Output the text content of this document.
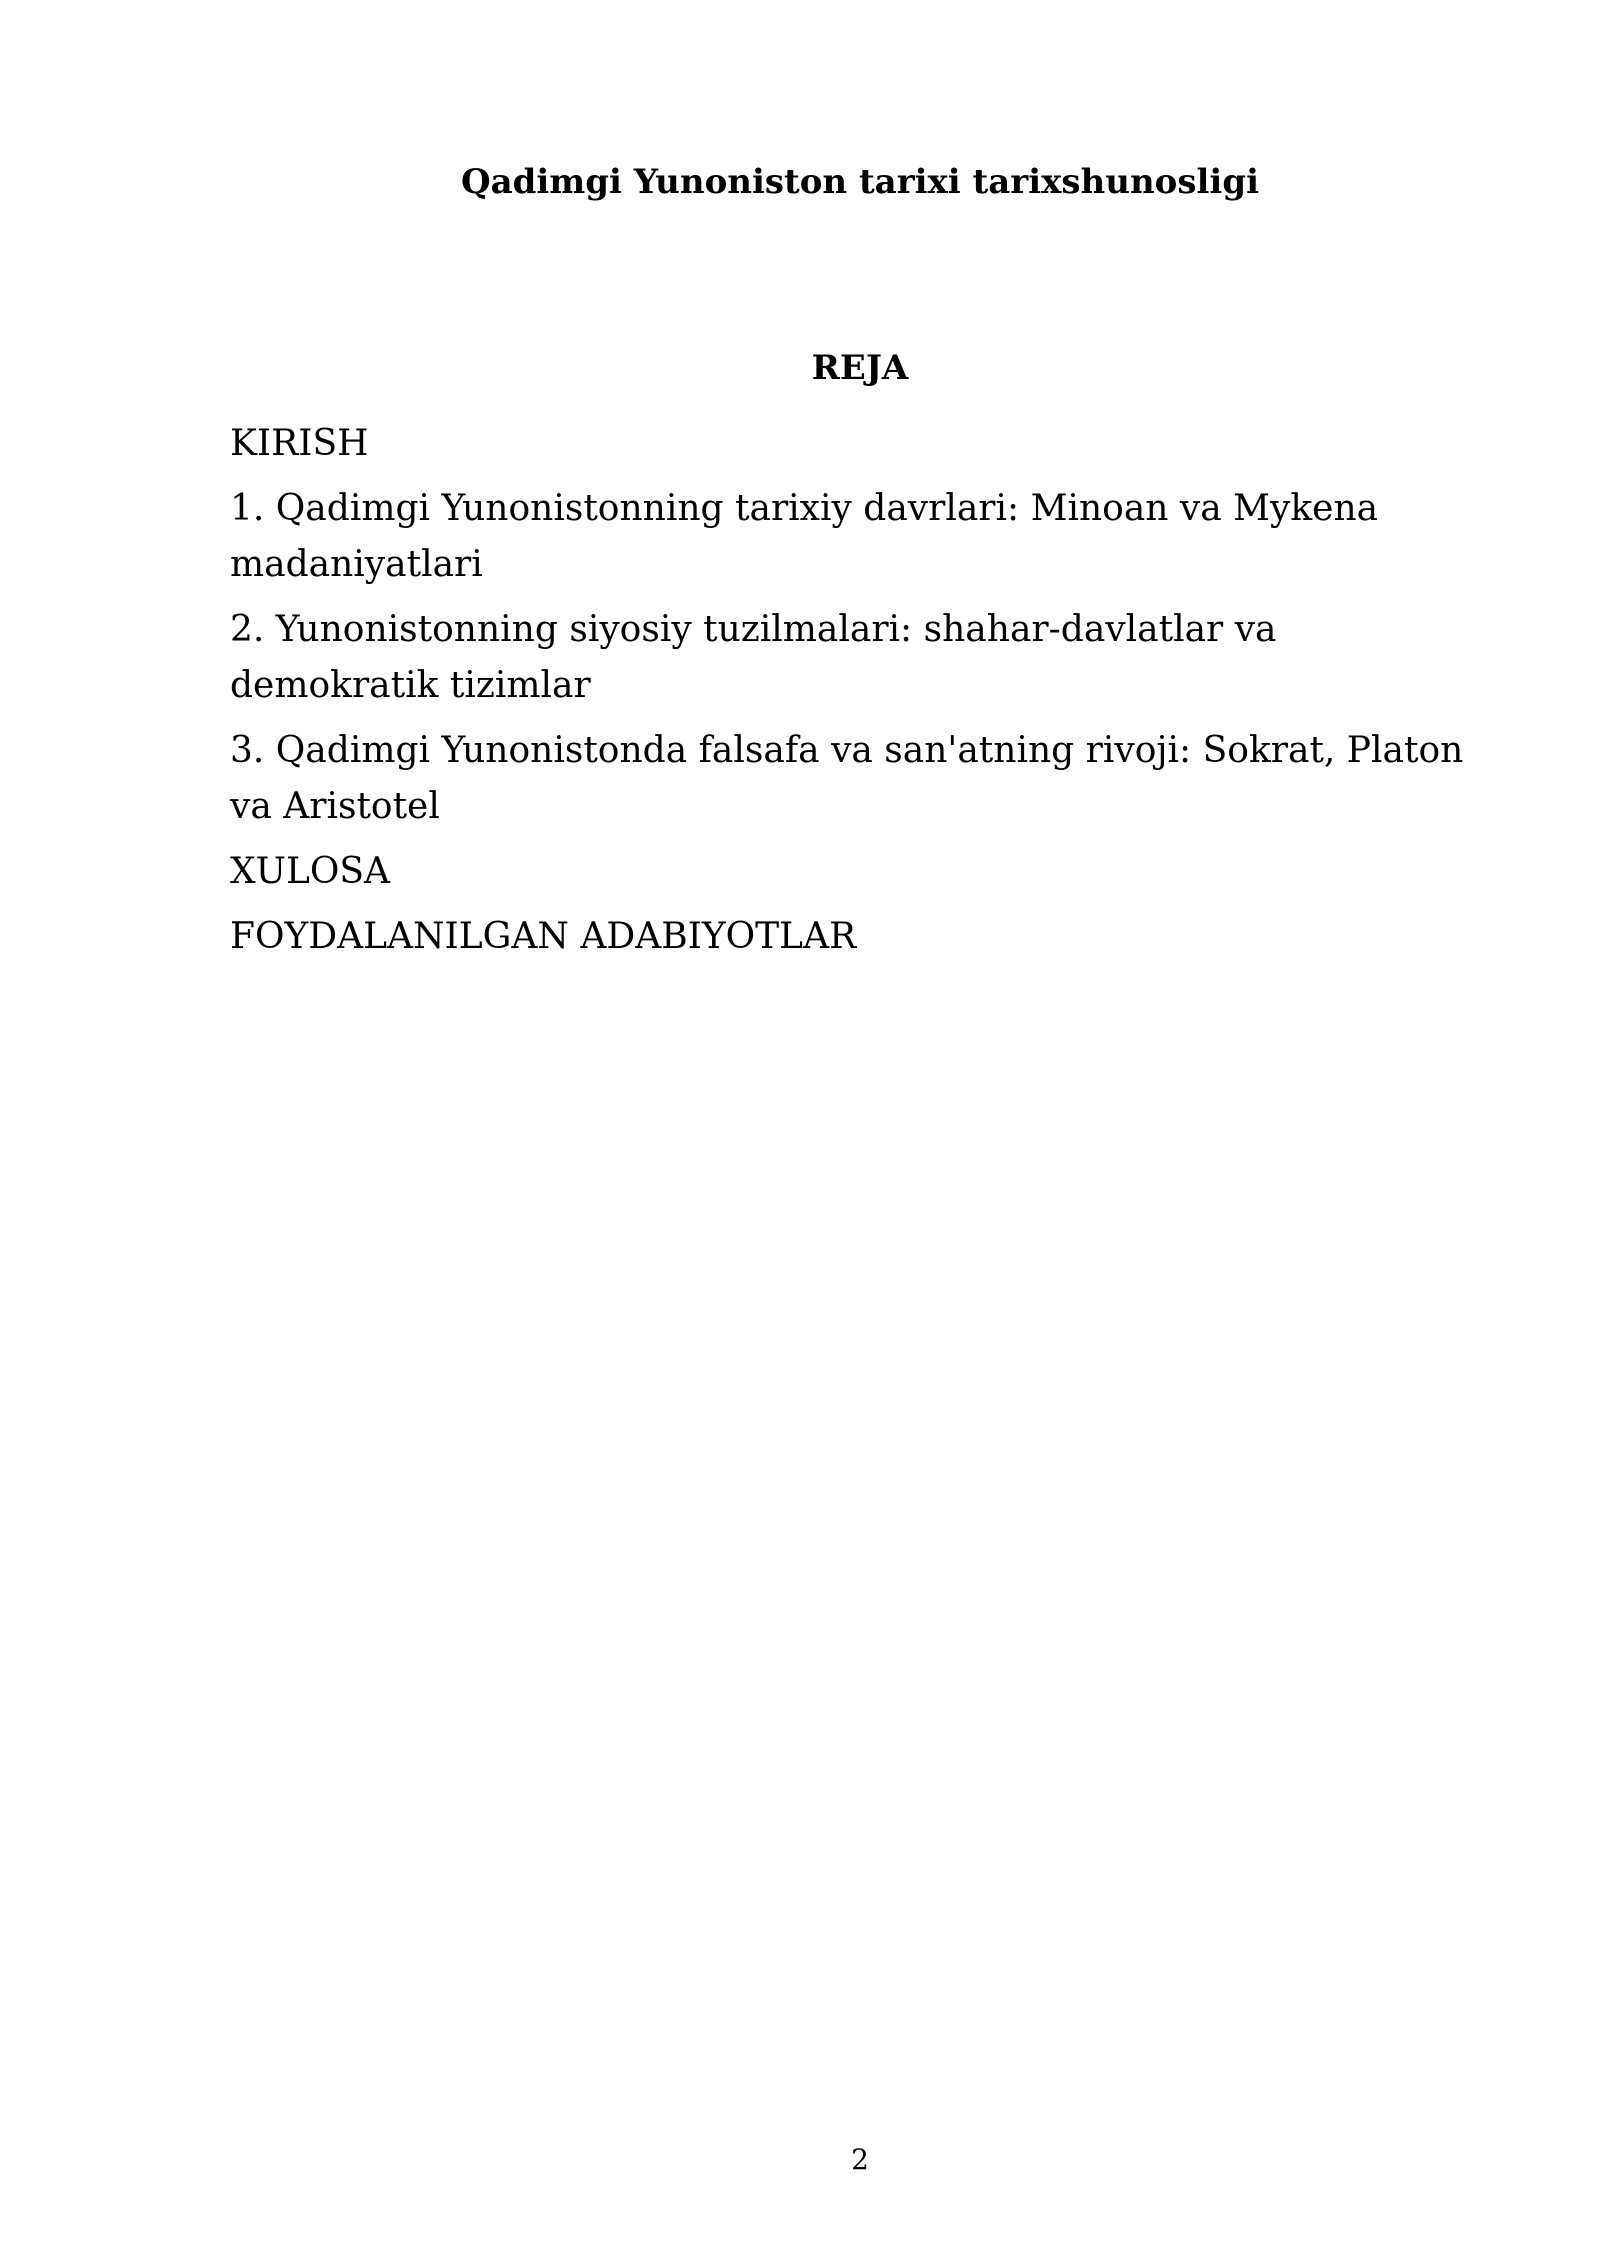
Qadimgi Yunoniston tarixi tarixshunosligi
REJA
KIRISH
1. Qadimgi Yunonistonning tarixiy davrlari: Minoan va Mykena madaniyatlari
2. Yunonistonning siyosiy tuzilmalari: shahar-davlatlar va demokratik tizimlar
3. Qadimgi Yunonistonda falsafa va san'atning rivoji: Sokrat, Platon va Aristotel
XULOSA
FOYDALANILGAN ADABIYOTLAR
2
